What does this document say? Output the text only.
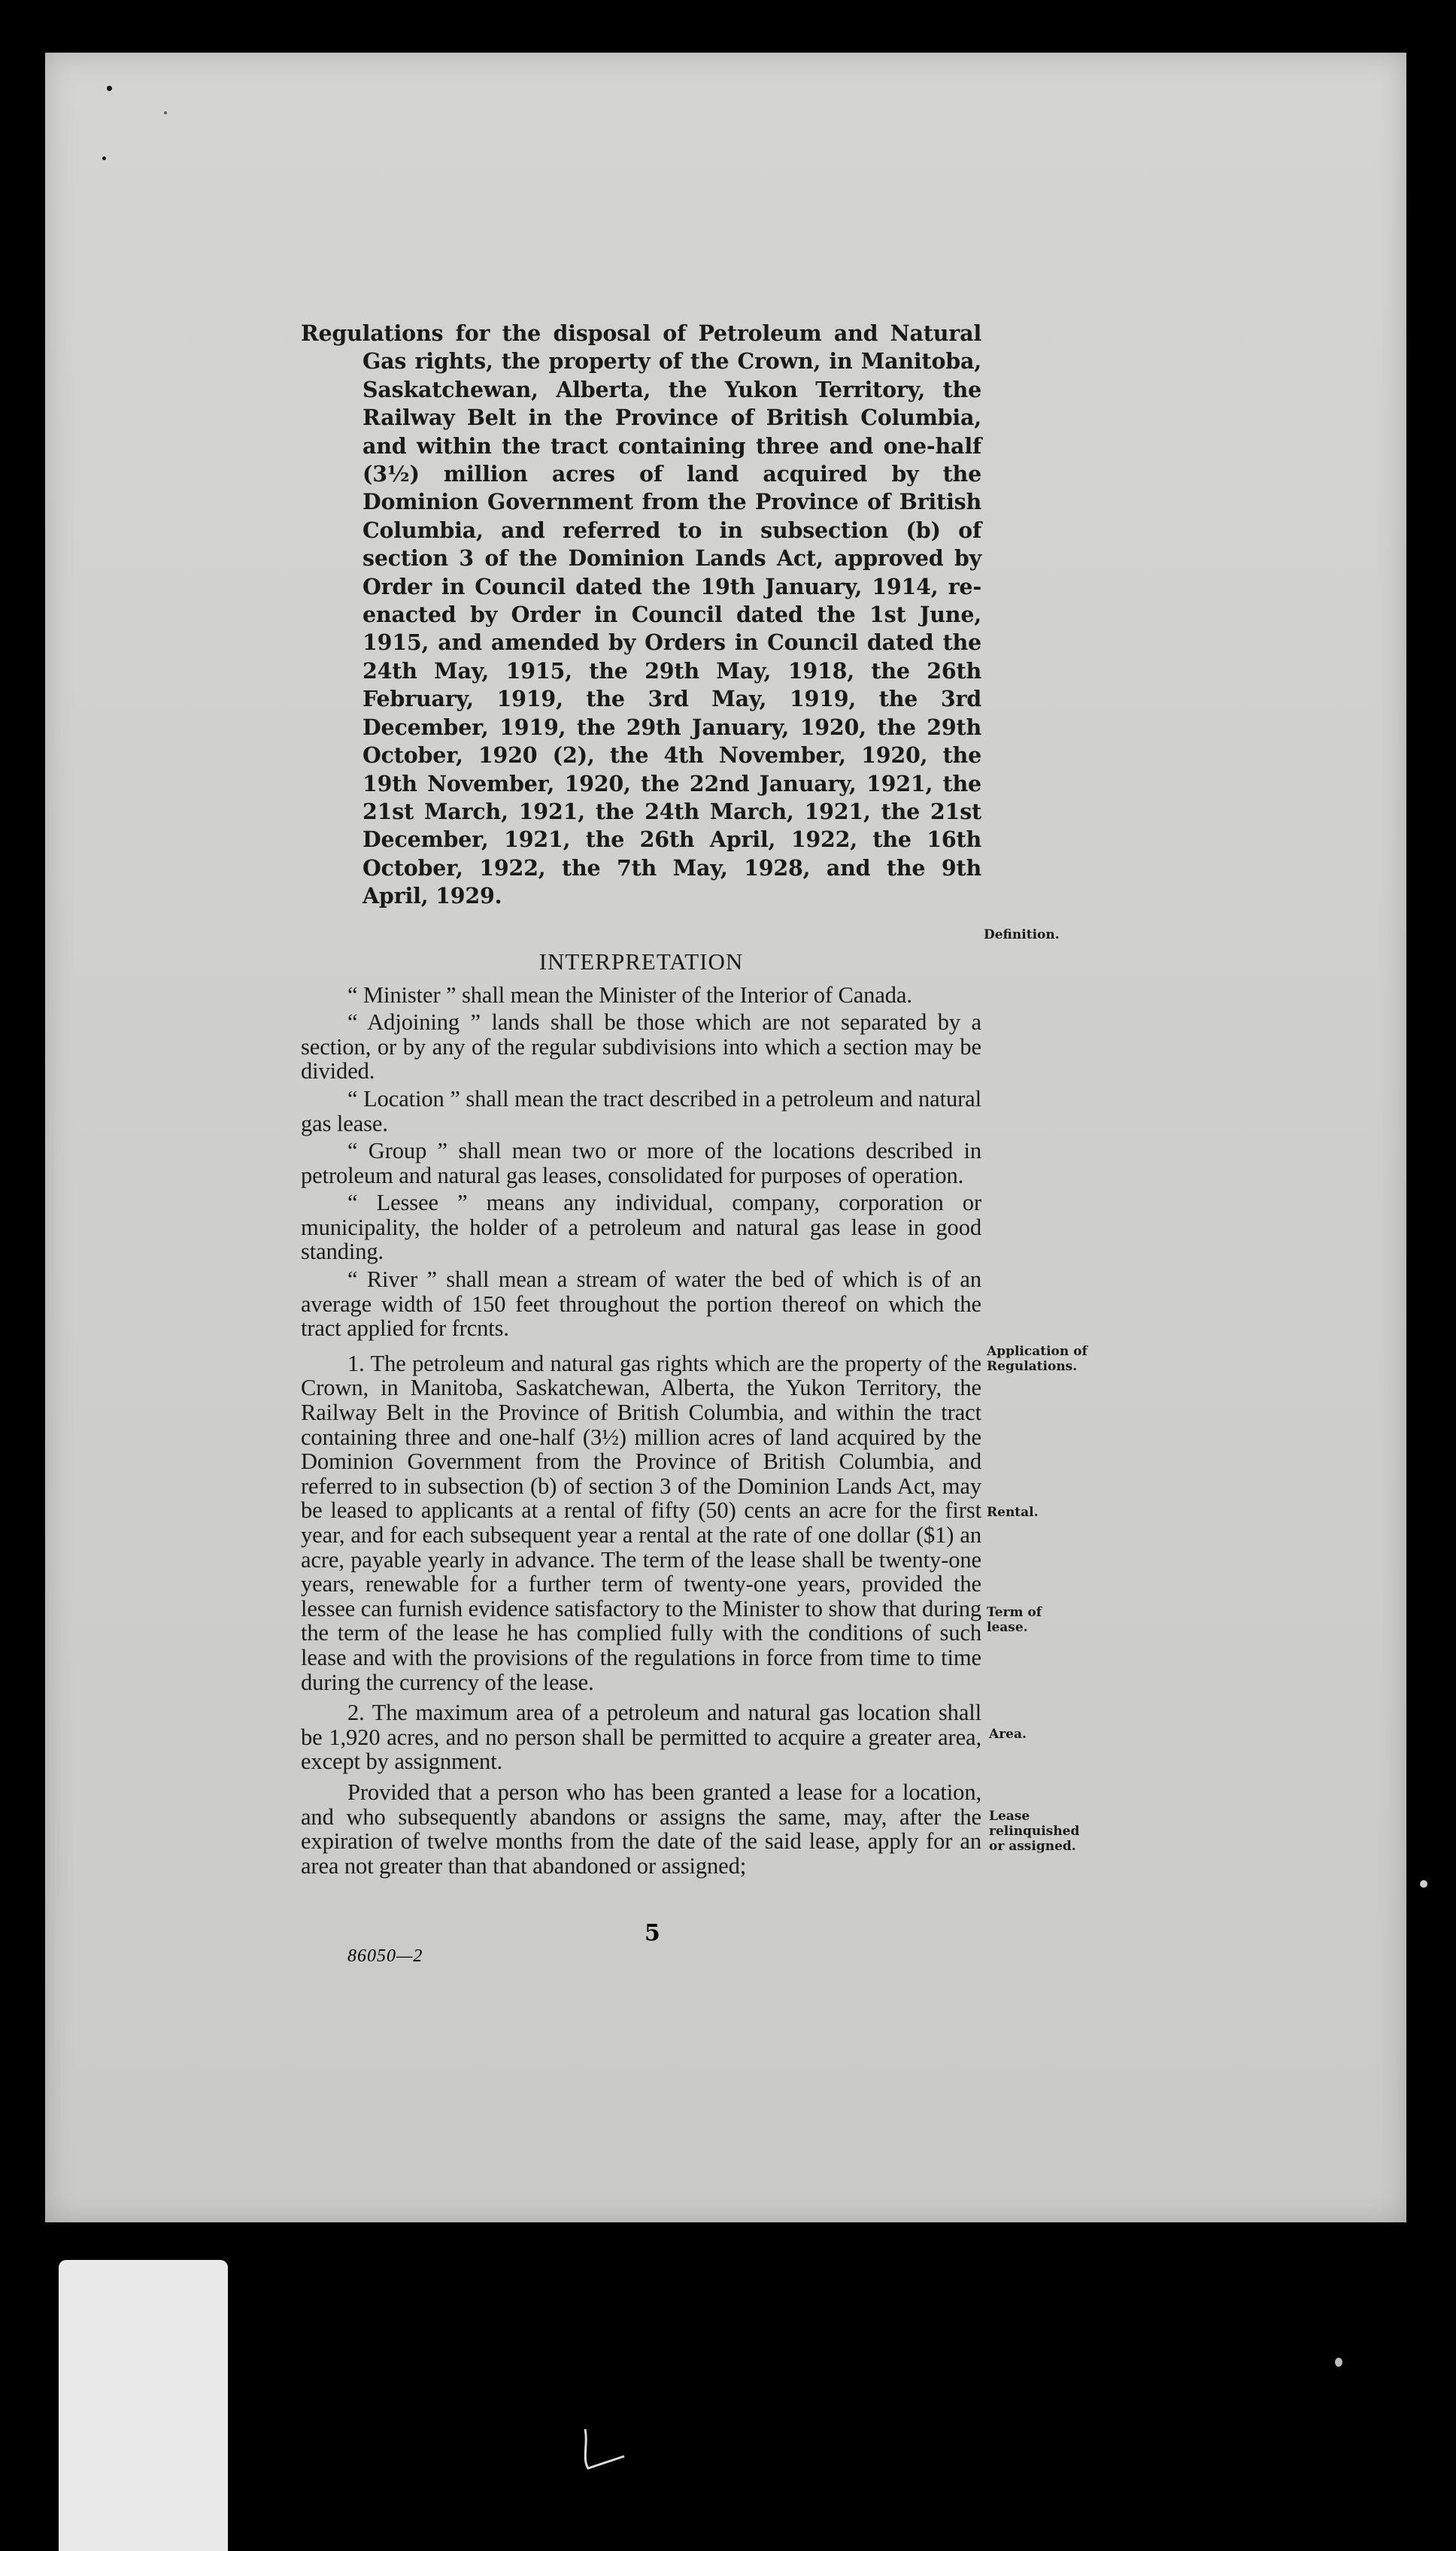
Regulations for the disposal of Petroleum and Natural Gas rights, the property of the Crown, in Manitoba, Saskatchewan, Alberta, the Yukon Territory, the Railway Belt in the Province of British Columbia, and within the tract containing three and one-half (3½) million acres of land acquired by the Dominion Government from the Province of British Columbia, and referred to in subsection (b) of section 3 of the Dominion Lands Act, approved by Order in Council dated the 19th January, 1914, re-enacted by Order in Council dated the 1st June, 1915, and amended by Orders in Council dated the 24th May, 1915, the 29th May, 1918, the 26th February, 1919, the 3rd May, 1919, the 3rd December, 1919, the 29th January, 1920, the 29th October, 1920 (2), the 4th November, 1920, the 19th November, 1920, the 22nd January, 1921, the 21st March, 1921, the 24th March, 1921, the 21st December, 1921, the 26th April, 1922, the 16th October, 1922, the 7th May, 1928, and the 9th April, 1929.

INTERPRETATION

“ Minister ” shall mean the Minister of the Interior of Canada.

“ Adjoining ” lands shall be those which are not separated by a section, or by any of the regular subdivisions into which a section may be divided.

“ Location ” shall mean the tract described in a petroleum and natural gas lease.

“ Group ” shall mean two or more of the locations described in petroleum and natural gas leases, consolidated for purposes of operation.

“ Lessee ” means any individual, company, corporation or municipality, the holder of a petroleum and natural gas lease in good standing.

“ River ” shall mean a stream of water the bed of which is of an average width of 150 feet throughout the portion thereof on which the tract applied for frcnts.

1. The petroleum and natural gas rights which are the property of the Crown, in Manitoba, Saskatchewan, Alberta, the Yukon Territory, the Railway Belt in the Province of British Columbia, and within the tract containing three and one-half (3½) million acres of land acquired by the Dominion Government from the Province of British Columbia, and referred to in subsection (b) of section 3 of the Dominion Lands Act, may be leased to applicants at a rental of fifty (50) cents an acre for the first year, and for each subsequent year a rental at the rate of one dollar ($1) an acre, payable yearly in advance. The term of the lease shall be twenty-one years, renewable for a further term of twenty-one years, provided the lessee can furnish evidence satisfactory to the Minister to show that during the term of the lease he has complied fully with the conditions of such lease and with the provisions of the regulations in force from time to time during the currency of the lease.

2. The maximum area of a petroleum and natural gas location shall be 1,920 acres, and no person shall be permitted to acquire a greater area, except by assignment.

Provided that a person who has been granted a lease for a location, and who subsequently abandons or assigns the same, may, after the expiration of twelve months from the date of the said lease, apply for an area not greater than that abandoned or assigned;

Definition.
Application of
Regulations.
Rental.
Term of
lease.
Area.
Lease
relinquished
or assigned.
5
86050—2
